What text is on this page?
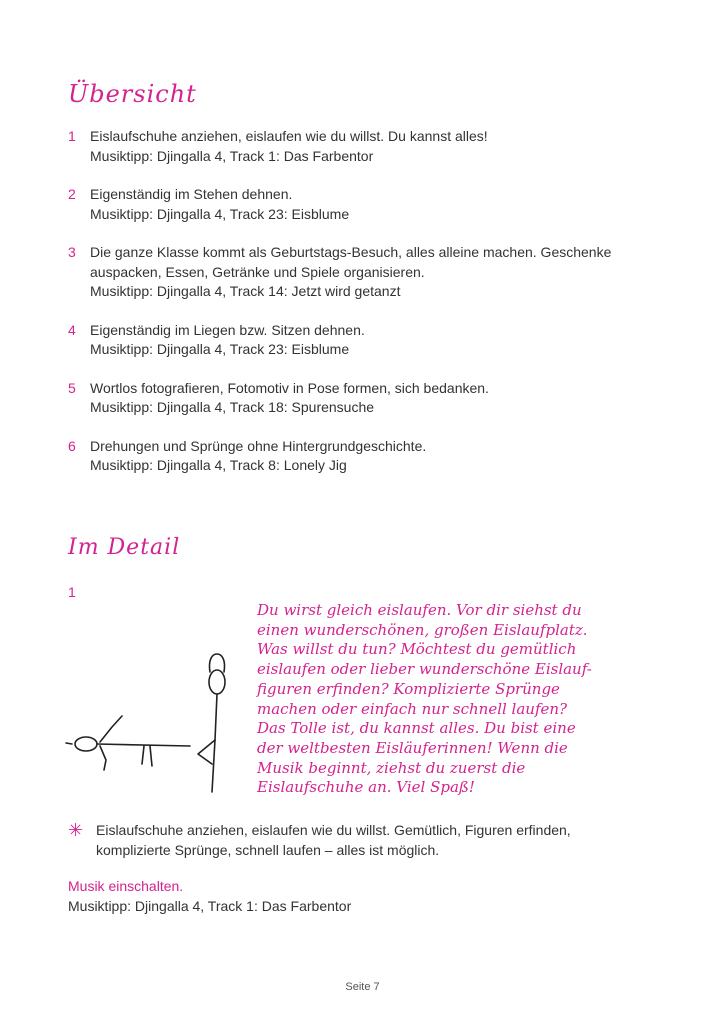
Übersicht
1	Eislaufschuhe anziehen, eislaufen wie du willst. Du kannst alles!
Musiktipp: Djingalla 4, Track 1: Das Farbentor
2	Eigenständig im Stehen dehnen.
Musiktipp: Djingalla 4, Track 23: Eisblume
3	Die ganze Klasse kommt als Geburtstags-Besuch, alles alleine machen. Geschenke
auspacken, Essen, Getränke und Spiele organisieren.
Musiktipp: Djingalla 4, Track 14: Jetzt wird getanzt
4	Eigenständig im Liegen bzw. Sitzen dehnen.
Musiktipp: Djingalla 4, Track 23: Eisblume
5	Wortlos fotografieren, Fotomotiv in Pose formen, sich bedanken.
Musiktipp: Djingalla 4, Track 18: Spurensuche
6	Drehungen und Sprünge ohne Hintergrundgeschichte.
Musiktipp: Djingalla 4, Track 8: Lonely Jig
Im Detail
1
Du wirst gleich eislaufen. Vor dir siehst du
einen wunderschönen, großen Eislaufplatz.
Was willst du tun? Möchtest du gemütlich
eislaufen oder lieber wunderschöne Eislauf-
figuren erfinden? Komplizierte Sprünge
machen oder einfach nur schnell laufen?
Das Tolle ist, du kannst alles. Du bist eine
der weltbesten Eisläuferinnen! Wenn die
Musik beginnt, ziehst du zuerst die
Eislaufschuhe an. Viel Spaß!
✳ Eislaufschuhe anziehen, eislaufen wie du willst. Gemütlich, Figuren erfinden,
komplizierte Sprünge, schnell laufen – alles ist möglich.
Musik einschalten.
Musiktipp: Djingalla 4, Track 1: Das Farbentor
Seite 7
